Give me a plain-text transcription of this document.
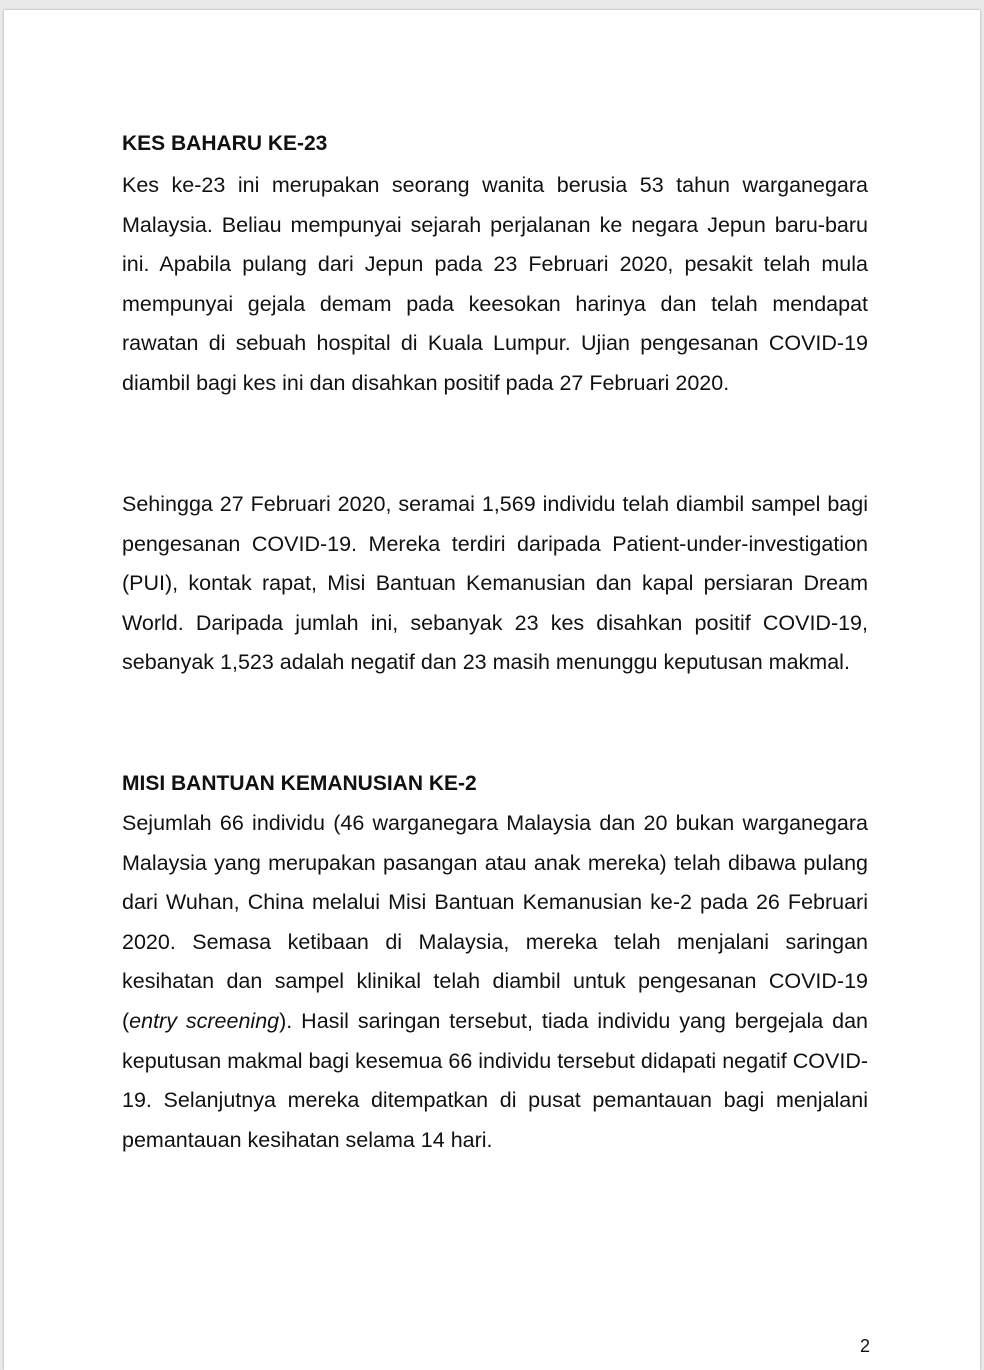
KES BAHARU KE-23

Kes ke-23 ini merupakan seorang wanita berusia 53 tahun warganegara Malaysia. Beliau mempunyai sejarah perjalanan ke negara Jepun baru-baru ini. Apabila pulang dari Jepun pada 23 Februari 2020, pesakit telah mula mempunyai gejala demam pada keesokan harinya dan telah mendapat rawatan di sebuah hospital di Kuala Lumpur. Ujian pengesanan COVID-19 diambil bagi kes ini dan disahkan positif pada 27 Februari 2020.

Sehingga 27 Februari 2020, seramai 1,569 individu telah diambil sampel bagi pengesanan COVID-19. Mereka terdiri daripada Patient-under-investigation (PUI), kontak rapat, Misi Bantuan Kemanusian dan kapal persiaran Dream World. Daripada jumlah ini, sebanyak 23 kes disahkan positif COVID-19, sebanyak 1,523 adalah negatif dan 23 masih menunggu keputusan makmal.

MISI BANTUAN KEMANUSIAN KE-2

Sejumlah 66 individu (46 warganegara Malaysia dan 20 bukan warganegara Malaysia yang merupakan pasangan atau anak mereka) telah dibawa pulang dari Wuhan, China melalui Misi Bantuan Kemanusian ke-2 pada 26 Februari 2020. Semasa ketibaan di Malaysia, mereka telah menjalani saringan kesihatan dan sampel klinikal telah diambil untuk pengesanan COVID-19 (entry screening). Hasil saringan tersebut, tiada individu yang bergejala dan keputusan makmal bagi kesemua 66 individu tersebut didapati negatif COVID-19. Selanjutnya mereka ditempatkan di pusat pemantauan bagi menjalani pemantauan kesihatan selama 14 hari.

2
